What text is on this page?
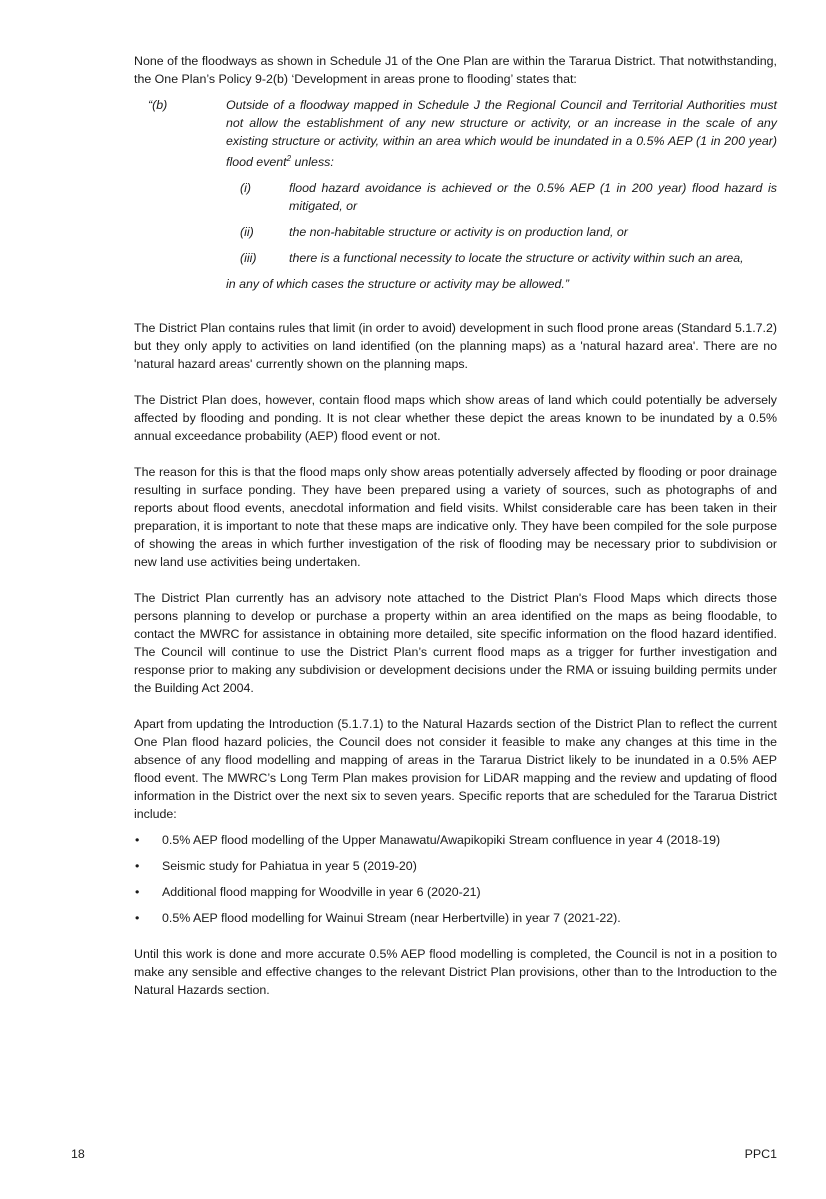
None of the floodways as shown in Schedule J1 of the One Plan are within the Tararua District. That notwithstanding, the One Plan’s Policy 9-2(b) ‘Development in areas prone to flooding’ states that:

“(b)	Outside of a floodway mapped in Schedule J the Regional Council and Territorial Authorities must not allow the establishment of any new structure or activity, or an increase in the scale of any existing structure or activity, within an area which would be inundated in a 0.5% AEP (1 in 200 year) flood event$^2$ unless:

(i)	flood hazard avoidance is achieved or the 0.5% AEP (1 in 200 year) flood hazard is mitigated, or
(ii)	the non-habitable structure or activity is on production land, or
(iii)	there is a functional necessity to locate the structure or activity within such an area,

in any of which cases the structure or activity may be allowed.”

The District Plan contains rules that limit (in order to avoid) development in such flood prone areas (Standard 5.1.7.2) but they only apply to activities on land identified (on the planning maps) as a 'natural hazard area'. There are no 'natural hazard areas' currently shown on the planning maps.

The District Plan does, however, contain flood maps which show areas of land which could potentially be adversely affected by flooding and ponding. It is not clear whether these depict the areas known to be inundated by a 0.5% annual exceedance probability (AEP) flood event or not.

The reason for this is that the flood maps only show areas potentially adversely affected by flooding or poor drainage resulting in surface ponding. They have been prepared using a variety of sources, such as photographs of and reports about flood events, anecdotal information and field visits. Whilst considerable care has been taken in their preparation, it is important to note that these maps are indicative only. They have been compiled for the sole purpose of showing the areas in which further investigation of the risk of flooding may be necessary prior to subdivision or new land use activities being undertaken.

The District Plan currently has an advisory note attached to the District Plan's Flood Maps which directs those persons planning to develop or purchase a property within an area identified on the maps as being floodable, to contact the MWRC for assistance in obtaining more detailed, site specific information on the flood hazard identified. The Council will continue to use the District Plan’s current flood maps as a trigger for further investigation and response prior to making any subdivision or development decisions under the RMA or issuing building permits under the Building Act 2004.

Apart from updating the Introduction (5.1.7.1) to the Natural Hazards section of the District Plan to reflect the current One Plan flood hazard policies, the Council does not consider it feasible to make any changes at this time in the absence of any flood modelling and mapping of areas in the Tararua District likely to be inundated in a 0.5% AEP flood event. The MWRC’s Long Term Plan makes provision for LiDAR mapping and the review and updating of flood information in the District over the next six to seven years. Specific reports that are scheduled for the Tararua District include:

•	0.5% AEP flood modelling of the Upper Manawatu/Awapikopiki Stream confluence in year 4 (2018-19)
•	Seismic study for Pahiatua in year 5 (2019-20)
•	Additional flood mapping for Woodville in year 6 (2020-21)
•	0.5% AEP flood modelling for Wainui Stream (near Herbertville) in year 7 (2021-22).

Until this work is done and more accurate 0.5% AEP flood modelling is completed, the Council is not in a position to make any sensible and effective changes to the relevant District Plan provisions, other than to the Introduction to the Natural Hazards section.

18	PPC1
